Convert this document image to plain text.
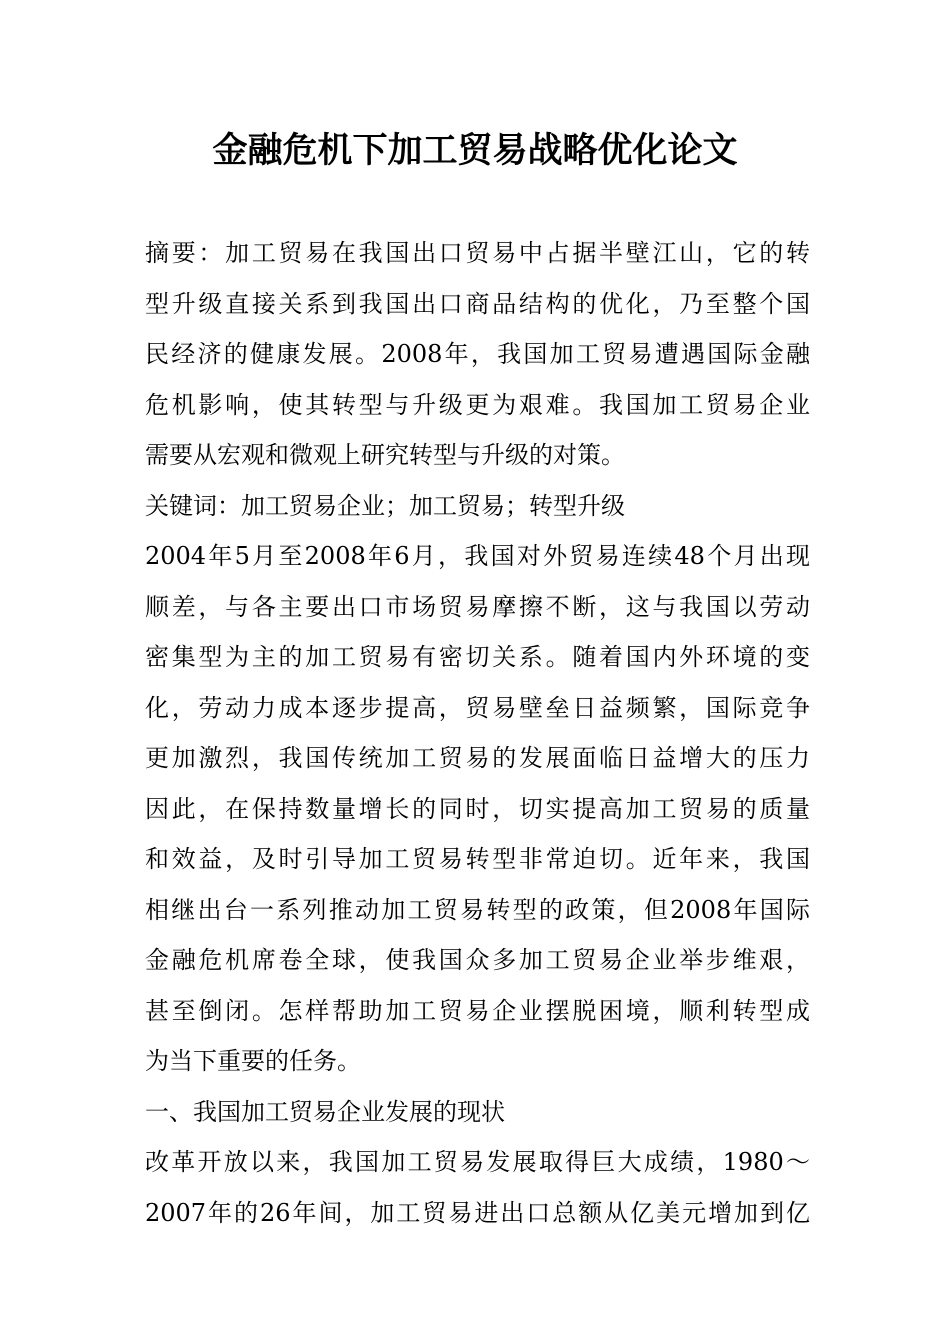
金融危机下加工贸易战略优化论文
摘要：加工贸易在我国出口贸易中占据半壁江山，它的转
型升级直接关系到我国出口商品结构的优化，乃至整个国
民经济的健康发展。2008年，我国加工贸易遭遇国际金融
危机影响，使其转型与升级更为艰难。我国加工贸易企业
需要从宏观和微观上研究转型与升级的对策。
关键词：加工贸易企业；加工贸易；转型升级
2004年5月至2008年6月，我国对外贸易连续48个月出现
顺差，与各主要出口市场贸易摩擦不断，这与我国以劳动
密集型为主的加工贸易有密切关系。随着国内外环境的变
化，劳动力成本逐步提高，贸易壁垒日益频繁，国际竞争
更加激烈，我国传统加工贸易的发展面临日益增大的压力
因此，在保持数量增长的同时，切实提高加工贸易的质量
和效益，及时引导加工贸易转型非常迫切。近年来，我国
相继出台一系列推动加工贸易转型的政策，但2008年国际
金融危机席卷全球，使我国众多加工贸易企业举步维艰，
甚至倒闭。怎样帮助加工贸易企业摆脱困境，顺利转型成
为当下重要的任务。
一、我国加工贸易企业发展的现状
改革开放以来，我国加工贸易发展取得巨大成绩，1980～
2007年的26年间，加工贸易进出口总额从亿美元增加到亿
